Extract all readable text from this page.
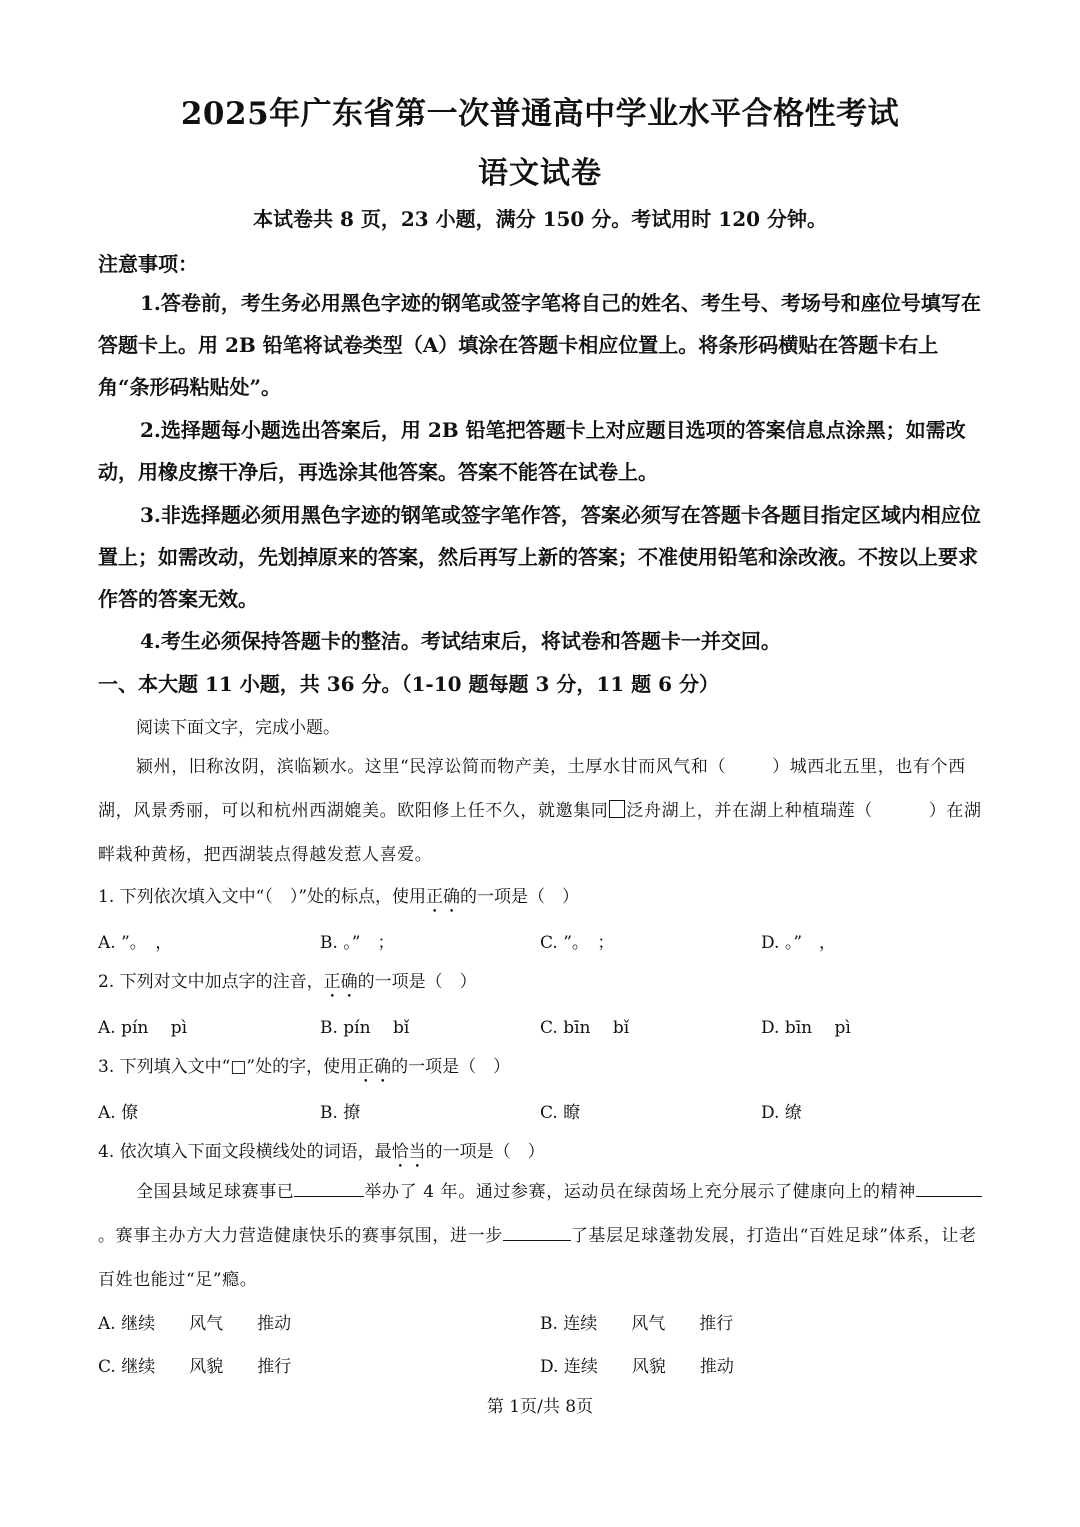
2025年广东省第一次普通高中学业水平合格性考试
语文试卷
本试卷共 8 页，23 小题，满分 150 分。考试用时 120 分钟。
注意事项：

1.答卷前，考生务必用黑色字迹的钢笔或签字笔将自己的姓名、考生号、考场号和座位号填写在答题卡上。用 2B 铅笔将试卷类型（A）填涂在答题卡相应位置上。将条形码横贴在答题卡右上角“条形码粘贴处”。

2.选择题每小题选出答案后，用 2B 铅笔把答题卡上对应题目选项的答案信息点涂黑；如需改动，用橡皮擦干净后，再选涂其他答案。答案不能答在试卷上。

3.非选择题必须用黑色字迹的钢笔或签字笔作答，答案必须写在答题卡各题目指定区域内相应位置上；如需改动，先划掉原来的答案，然后再写上新的答案；不准使用铅笔和涂改液。不按以上要求作答的答案无效。

4.考生必须保持答题卡的整洁。考试结束后，将试卷和答题卡一并交回。

一、本大题 11 小题，共 36 分。（1-10 题每题 3 分，11 题 6 分）
阅读下面文字，完成小题。

颍州，旧称汝阴，滨临颖水。这里“民淳讼简而物产美，土厚水甘而风气和（	）城西北五里，也有个西湖，风景秀丽，可以和杭州西湖媲美。欧阳修上任不久，就邀集同 泛舟湖上，并在湖上种植瑞莲（	）在湖畔栽种黄杨，把西湖装点得越发惹人喜爱。

1. 下列依次填入文中“（　）”处的标点，使用正确的一项是（　）
A. ”。　，	B. 。”　；	C. ”。　；	D. 。”　，
2. 下列对文中加点字的注音，正确的一项是（　）
A. pín　 pì	B. pín　 bǐ	C. bīn　 bǐ	D. bīn　 pì
3. 下列填入文中“□”处的字，使用正确的一项是（　）
A. 僚	B. 撩	C. 瞭	D. 缭
4. 依次填入下面文段横线处的词语，最恰当的一项是（　）

全国县域足球赛事已	举办了 4 年。通过参赛，运动员在绿茵场上充分展示了健康向上的精神。赛事主办方大力营造健康快乐的赛事氛围，进一步	了基层足球蓬勃发展，打造出“百姓足球”体系，让老百姓也能过“足”瘾。

A. 继续　　风气　　推动	B. 连续　　风气　　推行
C. 继续　　风貌　　推行	D. 连续　　风貌　　推动
第 1页/共 8页
